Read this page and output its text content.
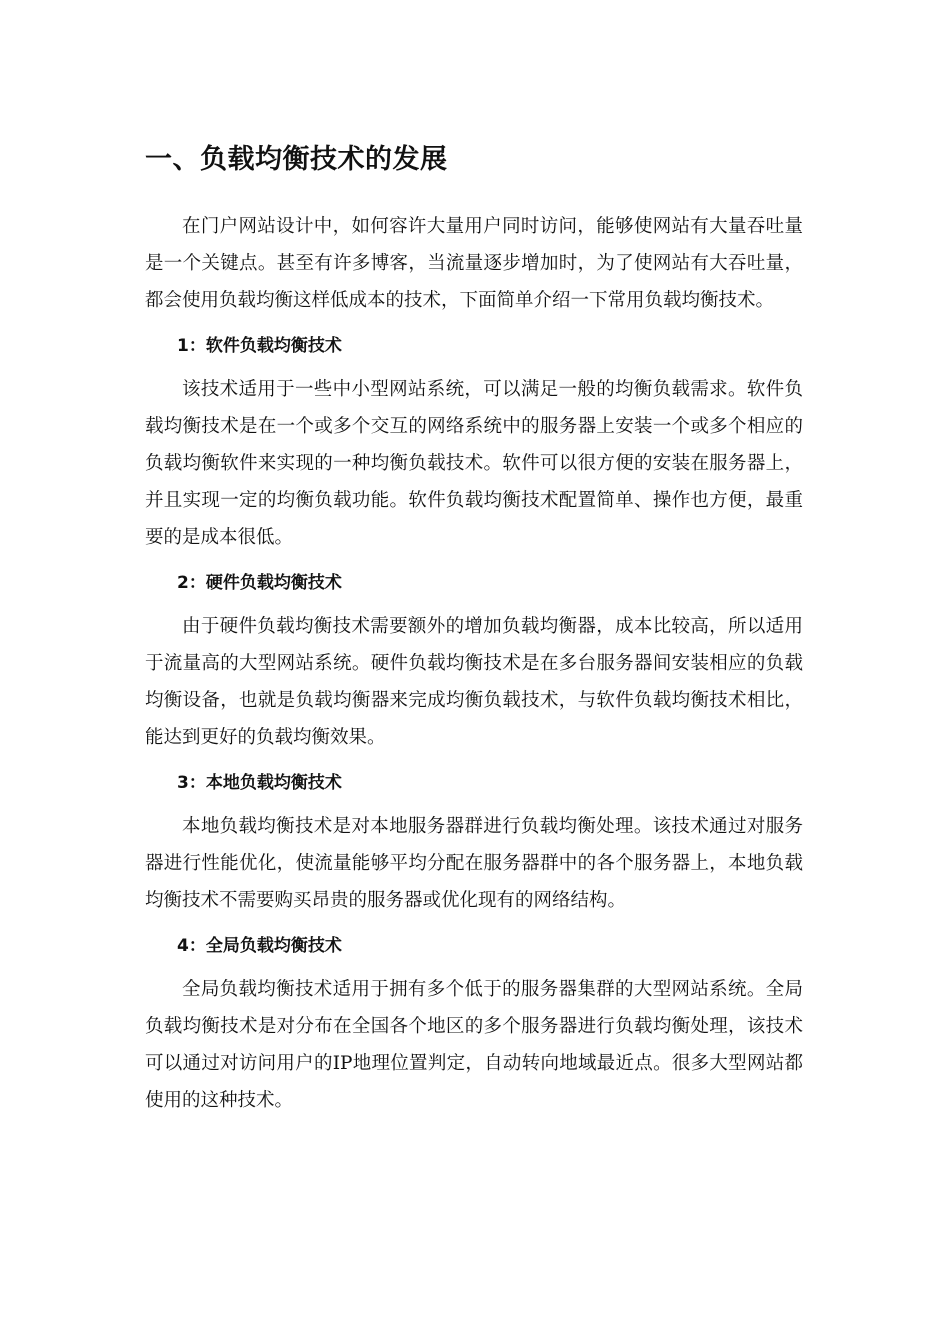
一、负载均衡技术的发展

在门户网站设计中，如何容许大量用户同时访问，能够使网站有大量吞吐量是一个关键点。甚至有许多博客，当流量逐步增加时，为了使网站有大吞吐量，都会使用负载均衡这样低成本的技术，下面简单介绍一下常用负载均衡技术。

1：软件负载均衡技术

该技术适用于一些中小型网站系统，可以满足一般的均衡负载需求。软件负载均衡技术是在一个或多个交互的网络系统中的服务器上安装一个或多个相应的负载均衡软件来实现的一种均衡负载技术。软件可以很方便的安装在服务器上，并且实现一定的均衡负载功能。软件负载均衡技术配置简单、操作也方便，最重要的是成本很低。

2：硬件负载均衡技术

由于硬件负载均衡技术需要额外的增加负载均衡器，成本比较高，所以适用于流量高的大型网站系统。硬件负载均衡技术是在多台服务器间安装相应的负载均衡设备，也就是负载均衡器来完成均衡负载技术，与软件负载均衡技术相比，能达到更好的负载均衡效果。

3：本地负载均衡技术

本地负载均衡技术是对本地服务器群进行负载均衡处理。该技术通过对服务器进行性能优化，使流量能够平均分配在服务器群中的各个服务器上，本地负载均衡技术不需要购买昂贵的服务器或优化现有的网络结构。

4：全局负载均衡技术

全局负载均衡技术适用于拥有多个低于的服务器集群的大型网站系统。全局负载均衡技术是对分布在全国各个地区的多个服务器进行负载均衡处理，该技术可以通过对访问用户的IP地理位置判定，自动转向地域最近点。很多大型网站都使用的这种技术。
